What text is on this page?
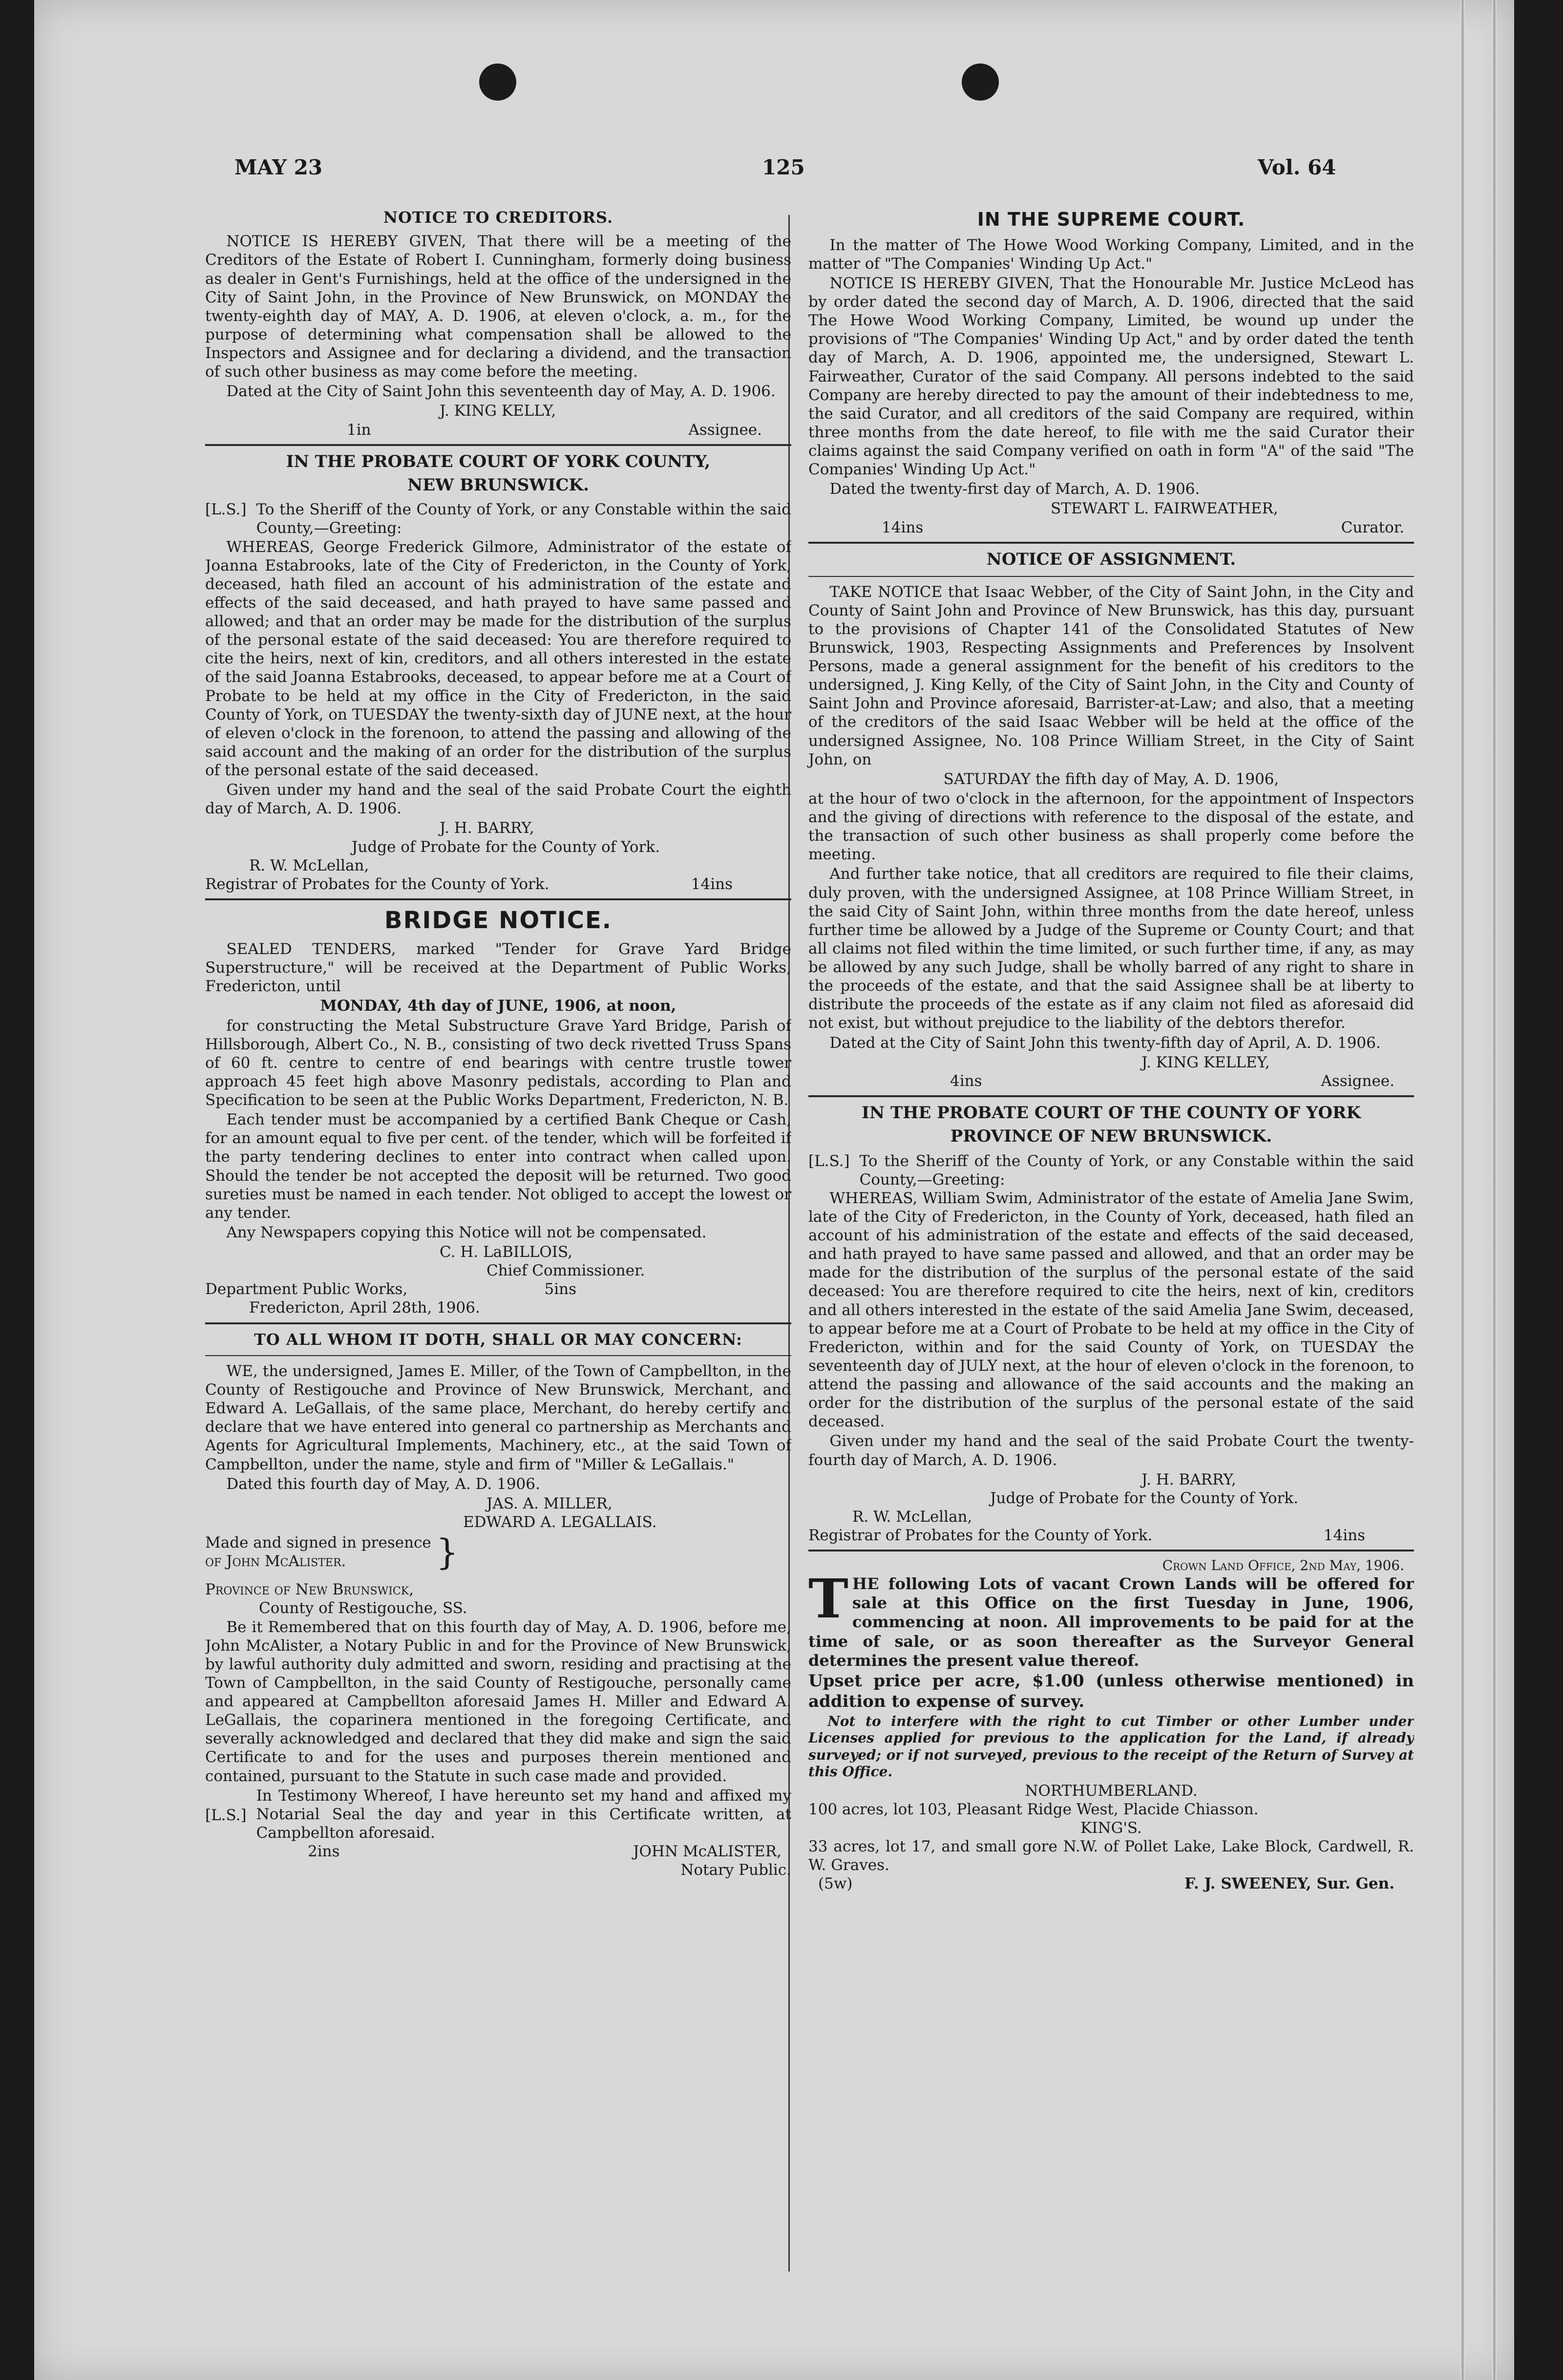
MAY 23	125	Vol. 64
NOTICE TO CREDITORS.

NOTICE IS HEREBY GIVEN, That there will be a meeting of the Creditors of the Estate of Robert I. Cunningham, formerly doing business as dealer in Gent's Furnishings, held at the office of the undersigned in the City of Saint John, in the Province of New Brunswick, on MONDAY the twenty-eighth day of MAY, A. D. 1906, at eleven o'clock, a. m., for the purpose of determining what compensation shall be allowed to the Inspectors and Assignee and for declaring a dividend, and the transaction of such other business as may come before the meeting.

Dated at the City of Saint John this seventeenth day of May, A. D. 1906.

J. KING KELLY,
1in	Assignee.
IN THE PROBATE COURT OF YORK COUNTY,
NEW BRUNSWICK.
[L.S.] To the Sheriff of the County of York, or any Constable within the said County,—Greeting:

WHEREAS, George Frederick Gilmore, Administrator of the estate of Joanna Estabrooks, late of the City of Fredericton, in the County of York, deceased, hath filed an account of his administration of the estate and effects of the said deceased, and hath prayed to have same passed and allowed; and that an order may be made for the distribution of the surplus of the personal estate of the said deceased: You are therefore required to cite the heirs, next of kin, creditors, and all others interested in the estate of the said Joanna Estabrooks, deceased, to appear before me at a Court of Probate to be held at my office in the City of Fredericton, in the said County of York, on TUESDAY the twenty-sixth day of JUNE next, at the hour of eleven o'clock in the forenoon, to attend the passing and allowing of the said account and the making of an order for the distribution of the surplus of the personal estate of the said deceased.

Given under my hand and the seal of the said Probate Court the eighth day of March, A. D. 1906.

J. H. BARRY,
Judge of Probate for the County of York.
R. W. McLellan,
Registrar of Probates for the County of York.	14ins
BRIDGE NOTICE.

SEALED TENDERS, marked "Tender for Grave Yard Bridge Superstructure," will be received at the Department of Public Works, Fredericton, until

MONDAY, 4th day of JUNE, 1906, at noon,

for constructing the Metal Substructure Grave Yard Bridge, Parish of Hillsborough, Albert Co., N. B., consisting of two deck rivetted Truss Spans of 60 ft. centre to centre of end bearings with centre trustle tower approach 45 feet high above Masonry pedistals, according to Plan and Specification to be seen at the Public Works Department, Fredericton, N. B.

Each tender must be accompanied by a certified Bank Cheque or Cash, for an amount equal to five per cent. of the tender, which will be forfeited if the party tendering declines to enter into contract when called upon. Should the tender be not accepted the deposit will be returned. Two good sureties must be named in each tender. Not obliged to accept the lowest or any tender.

Any Newspapers copying this Notice will not be compensated.

C. H. LaBILLOIS,
Chief Commissioner.
Department Public Works,	5ins
Fredericton, April 28th, 1906.
TO ALL WHOM IT DOTH, SHALL OR MAY CONCERN:

WE, the undersigned, James E. Miller, of the Town of Campbellton, in the County of Restigouche and Province of New Brunswick, Merchant, and Edward A. LeGallais, of the same place, Merchant, do hereby certify and declare that we have entered into general co partnership as Merchants and Agents for Agricultural Implements, Machinery, etc., at the said Town of Campbellton, under the name, style and firm of "Miller & LeGallais."

Dated this fourth day of May, A. D. 1906.

JAS. A. MILLER,
EDWARD A. LEGALLAIS.
Made and signed in presence
of John McAlister.	}
Province of New Brunswick,
County of Restigouche, SS.

Be it Remembered that on this fourth day of May, A. D. 1906, before me, John McAlister, a Notary Public in and for the Province of New Brunswick, by lawful authority duly admitted and sworn, residing and practising at the Town of Campbellton, in the said County of Restigouche, personally came and appeared at Campbellton aforesaid James H. Miller and Edward A. LeGallais, the coparinera mentioned in the foregoing Certificate, and severally acknowledged and declared that they did make and sign the said Certificate to and for the uses and purposes therein mentioned and contained, pursuant to the Statute in such case made and provided.

[L.S.]
In Testimony Whereof, I have hereunto set my hand and affixed my Notarial Seal the day and year in this Certificate written, at Campbellton aforesaid.
2ins	JOHN McALISTER,
Notary Public.
IN THE SUPREME COURT.

In the matter of The Howe Wood Working Company, Limited, and in the matter of "The Companies' Winding Up Act."

NOTICE IS HEREBY GIVEN, That the Honourable Mr. Justice McLeod has by order dated the second day of March, A. D. 1906, directed that the said The Howe Wood Working Company, Limited, be wound up under the provisions of "The Companies' Winding Up Act," and by order dated the tenth day of March, A. D. 1906, appointed me, the undersigned, Stewart L. Fairweather, Curator of the said Company. All persons indebted to the said Company are hereby directed to pay the amount of their indebtedness to me, the said Curator, and all creditors of the said Company are required, within three months from the date hereof, to file with me the said Curator their claims against the said Company verified on oath in form "A" of the said "The Companies' Winding Up Act."

Dated the twenty-first day of March, A. D. 1906.

STEWART L. FAIRWEATHER,
14ins	Curator.
NOTICE OF ASSIGNMENT.

TAKE NOTICE that Isaac Webber, of the City of Saint John, in the City and County of Saint John and Province of New Brunswick, has this day, pursuant to the provisions of Chapter 141 of the Consolidated Statutes of New Brunswick, 1903, Respecting Assignments and Preferences by Insolvent Persons, made a general assignment for the benefit of his creditors to the undersigned, J. King Kelly, of the City of Saint John, in the City and County of Saint John and Province aforesaid, Barrister-at-Law; and also, that a meeting of the creditors of the said Isaac Webber will be held at the office of the undersigned Assignee, No. 108 Prince William Street, in the City of Saint John, on

SATURDAY the fifth day of May, A. D. 1906,

at the hour of two o'clock in the afternoon, for the appointment of Inspectors and the giving of directions with reference to the disposal of the estate, and the transaction of such other business as shall properly come before the meeting.

And further take notice, that all creditors are required to file their claims, duly proven, with the undersigned Assignee, at 108 Prince William Street, in the said City of Saint John, within three months from the date hereof, unless further time be allowed by a Judge of the Supreme or County Court; and that all claims not filed within the time limited, or such further time, if any, as may be allowed by any such Judge, shall be wholly barred of any right to share in the proceeds of the estate, and that the said Assignee shall be at liberty to distribute the proceeds of the estate as if any claim not filed as aforesaid did not exist, but without prejudice to the liability of the debtors therefor.

Dated at the City of Saint John this twenty-fifth day of April, A. D. 1906.

J. KING KELLEY,
4ins	Assignee.
IN THE PROBATE COURT OF THE COUNTY OF YORK
PROVINCE OF NEW BRUNSWICK.
[L.S.] To the Sheriff of the County of York, or any Constable within the said County,—Greeting:

WHEREAS, William Swim, Administrator of the estate of Amelia Jane Swim, late of the City of Fredericton, in the County of York, deceased, hath filed an account of his administration of the estate and effects of the said deceased, and hath prayed to have same passed and allowed, and that an order may be made for the distribution of the surplus of the personal estate of the said deceased: You are therefore required to cite the heirs, next of kin, creditors and all others interested in the estate of the said Amelia Jane Swim, deceased, to appear before me at a Court of Probate to be held at my office in the City of Fredericton, within and for the said County of York, on TUESDAY the seventeenth day of JULY next, at the hour of eleven o'clock in the forenoon, to attend the passing and allowance of the said accounts and the making an order for the distribution of the surplus of the personal estate of the said deceased.

Given under my hand and the seal of the said Probate Court the twenty-fourth day of March, A. D. 1906.

J. H. BARRY,
Judge of Probate for the County of York.
R. W. McLellan,
Registrar of Probates for the County of York.	14ins
Crown Land Office, 2nd May, 1906.

THE following Lots of vacant Crown Lands will be offered for sale at this Office on the first Tuesday in June, 1906, commencing at noon. All improvements to be paid for at the time of sale, or as soon thereafter as the Surveyor General determines the present value thereof.

Upset price per acre, $1.00 (unless otherwise mentioned) in addition to expense of survey.

Not to interfere with the right to cut Timber or other Lumber under Licenses applied for previous to the application for the Land, if already surveyed; or if not surveyed, previous to the receipt of the Return of Survey at this Office.

NORTHUMBERLAND.
100 acres, lot 103, Pleasant Ridge West, Placide Chiasson.
KING'S.
33 acres, lot 17, and small gore N.W. of Pollet Lake, Lake Block, Cardwell, R. W. Graves.
(5w)	F. J. SWEENEY, Sur. Gen.
